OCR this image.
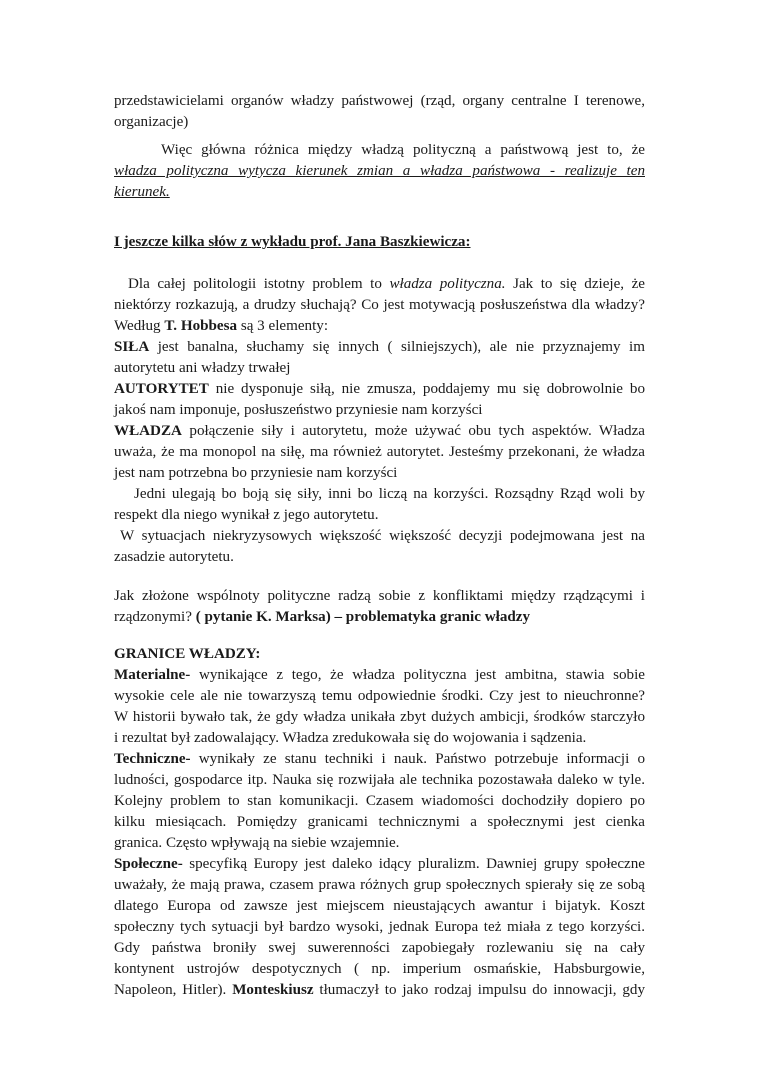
przedstawicielami organów władzy państwowej (rząd, organy centralne I terenowe,
organizacje)
Więc główna różnica między władzą polityczną a państwową jest to, że
władza polityczna wytycza kierunek zmian a władza państwowa - realizuje ten
kierunek.
I jeszcze kilka słów z wykładu prof. Jana Baszkiewicza:
Dla całej politologii istotny problem to władza polityczna. Jak to się dzieje, że
niektórzy rozkazują, a drudzy słuchają? Co jest motywacją posłuszeństwa dla władzy?
Według T. Hobbesa są 3 elementy:
SIŁA jest banalna, słuchamy się innych ( silniejszych), ale nie przyznajemy im
autorytetu ani władzy trwałej
AUTORYTET nie dysponuje siłą, nie zmusza, poddajemy mu się dobrowolnie bo
jakoś nam imponuje, posłuszeństwo przyniesie nam korzyści
WŁADZA połączenie siły i autorytetu, może używać obu tych aspektów. Władza
uważa, że ma monopol na siłę, ma również autorytet. Jesteśmy przekonani, że władza
jest nam potrzebna bo przyniesie nam korzyści
Jedni ulegają bo boją się siły, inni bo liczą na korzyści. Rozsądny Rząd woli by
respekt dla niego wynikał z jego autorytetu.
W sytuacjach niekryzysowych większość większość decyzji podejmowana jest na
zasadzie autorytetu.
Jak złożone wspólnoty polityczne radzą sobie z konfliktami między rządzącymi i
rządzonymi? ( pytanie K. Marksa) – problematyka granic władzy
GRANICE WŁADZY:
Materialne- wynikające z tego, że władza polityczna jest ambitna, stawia sobie
wysokie cele ale nie towarzyszą temu odpowiednie środki. Czy jest to nieuchronne?
W historii bywało tak, że gdy władza unikała zbyt dużych ambicji, środków starczyło
i rezultat był zadowalający. Władza zredukowała się do wojowania i sądzenia.
Techniczne- wynikały ze stanu techniki i nauk. Państwo potrzebuje informacji o
ludności, gospodarce itp. Nauka się rozwijała ale technika pozostawała daleko w tyle.
Kolejny problem to stan komunikacji. Czasem wiadomości dochodziły dopiero po
kilku miesiącach. Pomiędzy granicami technicznymi a społecznymi jest cienka
granica. Często wpływają na siebie wzajemnie.
Społeczne- specyfiką Europy jest daleko idący pluralizm. Dawniej grupy społeczne
uważały, że mają prawa, czasem prawa różnych grup społecznych spierały się ze sobą
dlatego Europa od zawsze jest miejscem nieustających awantur i bijatyk. Koszt
społeczny tych sytuacji był bardzo wysoki, jednak Europa też miała z tego korzyści.
Gdy państwa broniły swej suwerenności zapobiegały rozlewaniu się na cały
kontynent ustrojów despotycznych ( np. imperium osmańskie, Habsburgowie,
Napoleon, Hitler). Monteskiusz tłumaczył to jako rodzaj impulsu do innowacji, gdy
